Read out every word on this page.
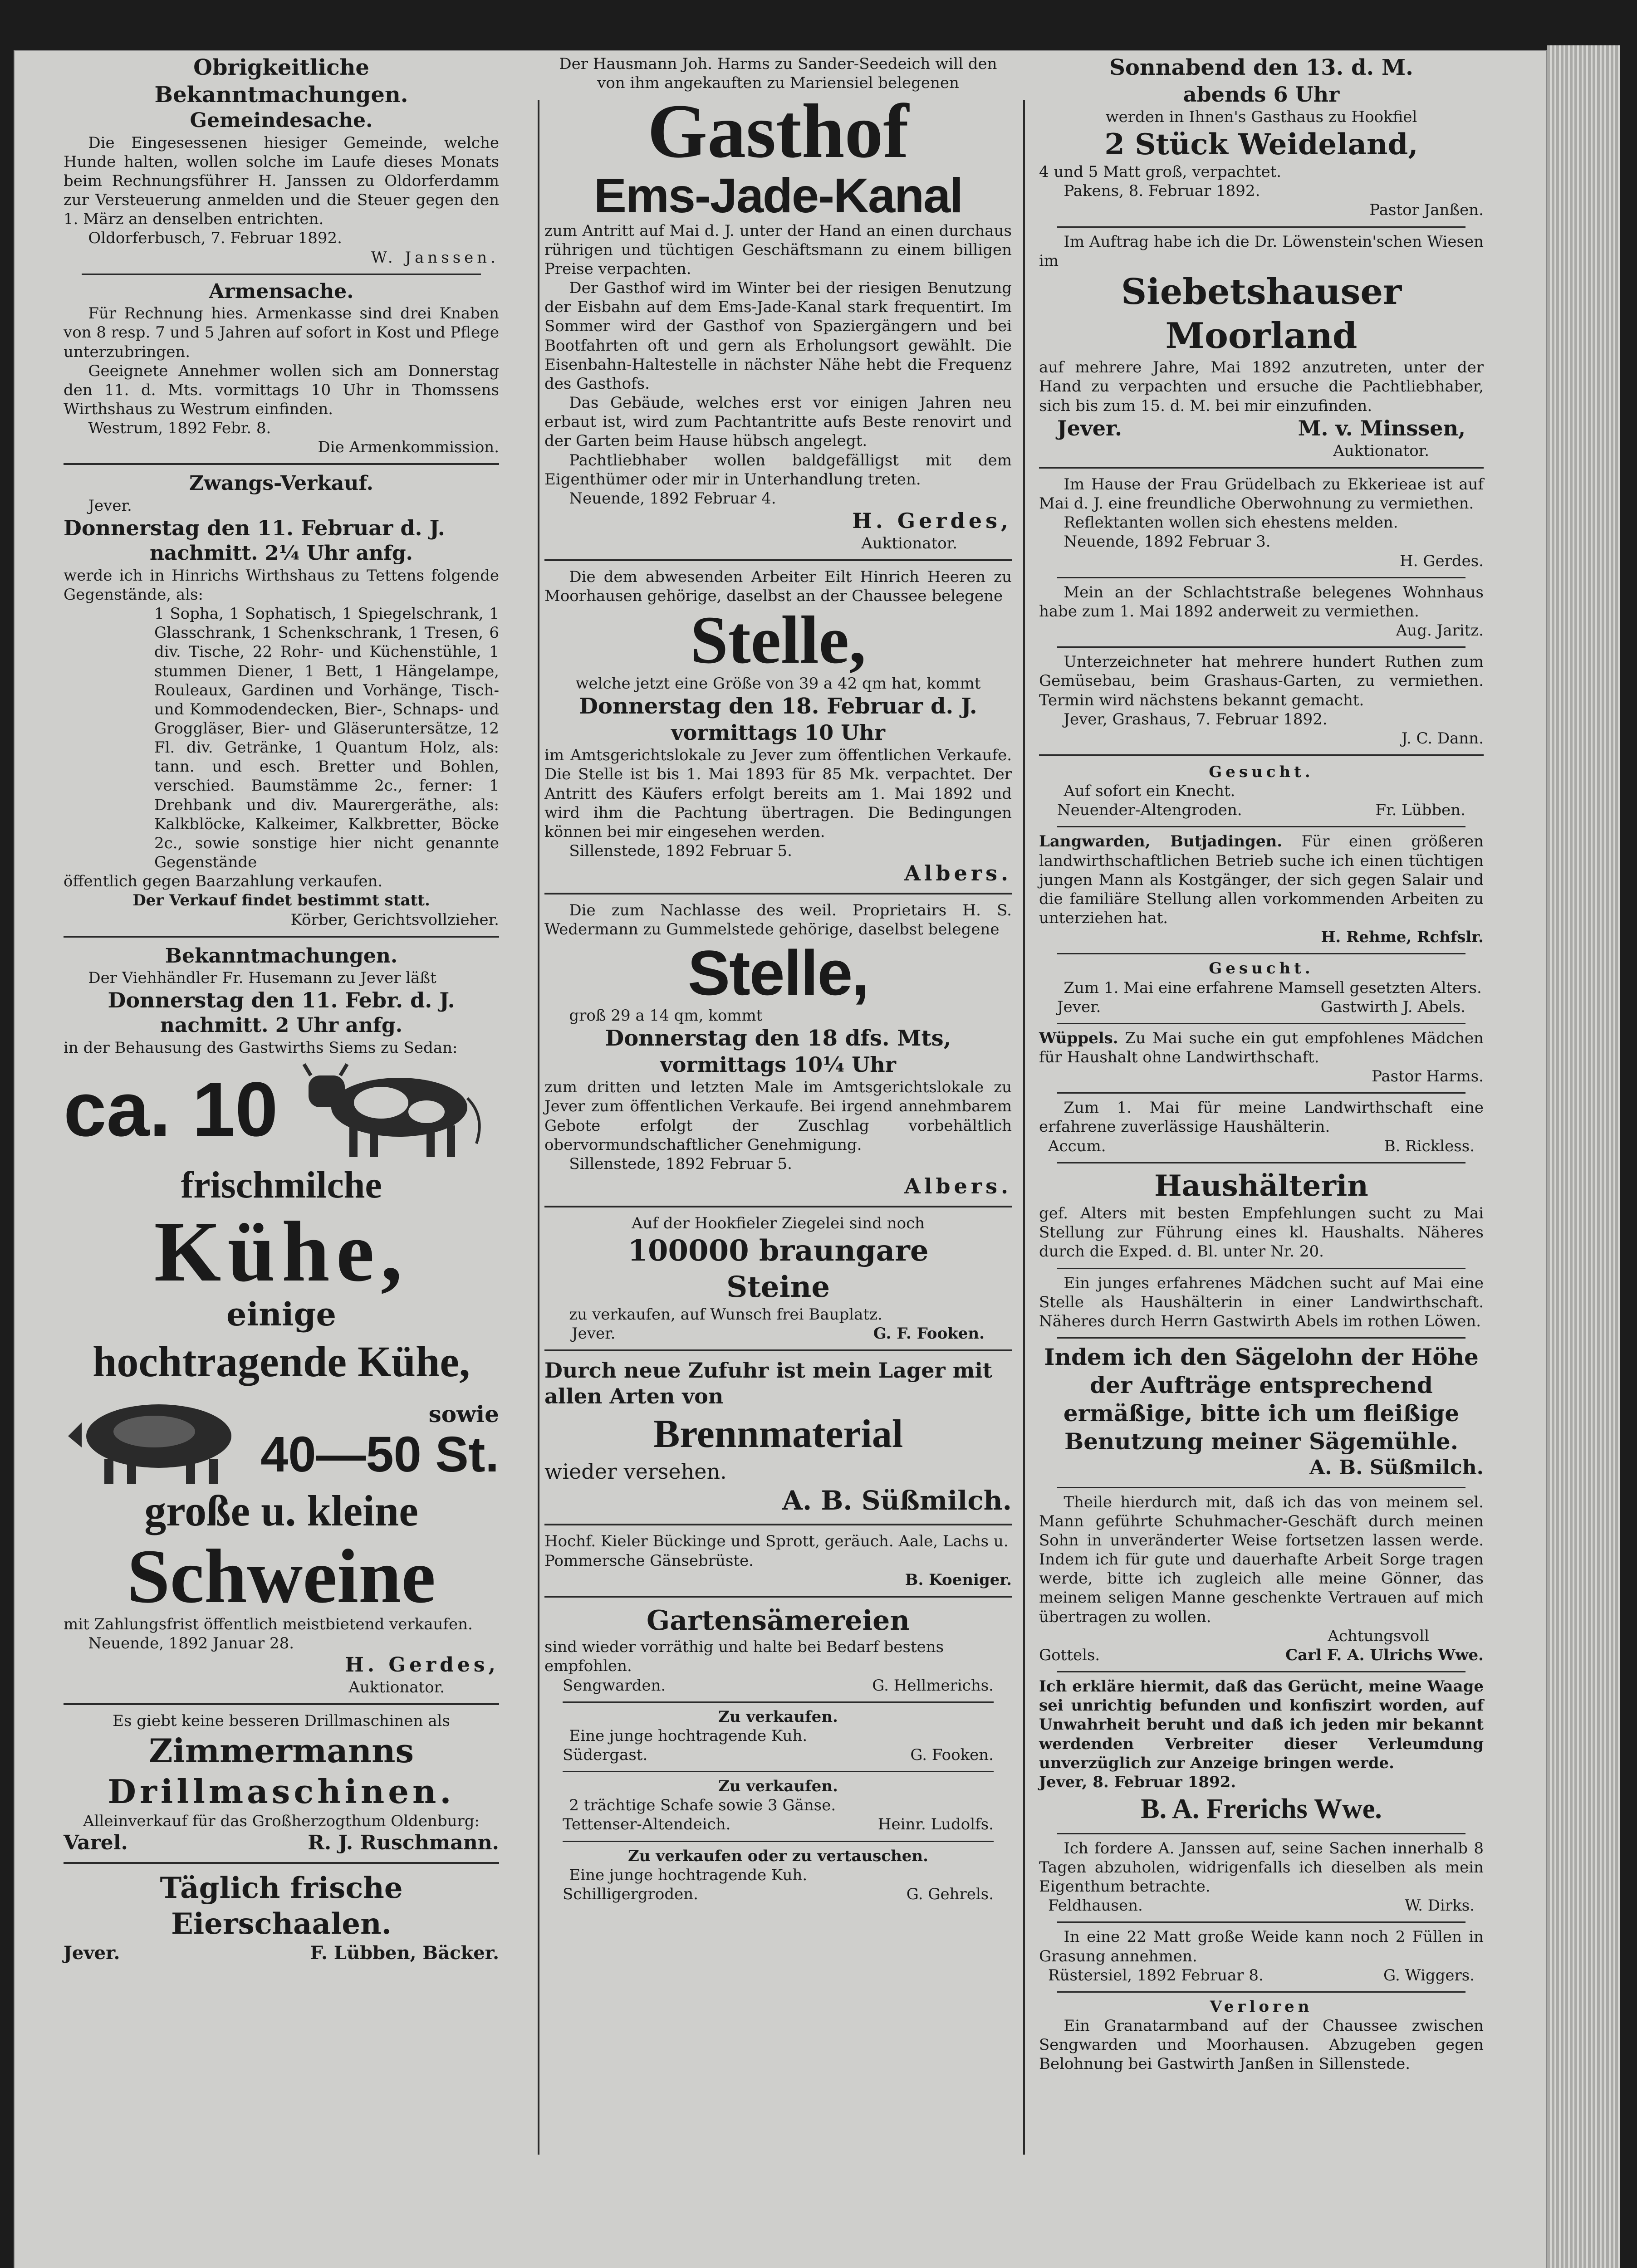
Obrigkeitliche Bekanntmachungen.
Gemeindesache.
Die Eingesessenen hiesiger Gemeinde, welche Hunde halten, wollen solche im Laufe dieses Monats beim Rechnungsführer H. Janssen zu Oldorferdamm zur Versteuerung anmelden und die Steuer gegen den 1. März an denselben entrichten.
Oldorferbusch, 7. Februar 1892.
W. Janssen.
Armensache.
Für Rechnung hies. Armenkasse sind drei Knaben von 8 resp. 7 und 5 Jahren auf sofort in Kost und Pflege unterzubringen.
Geeignete Annehmer wollen sich am Donnerstag den 11. d. Mts. vormittags 10 Uhr in Thomssens Wirthshaus zu Westrum einfinden.
Westrum, 1892 Febr. 8.
Die Armenkommission.
Zwangs-Verkauf.
Jever.
Donnerstag den 11. Februar d. J.
nachmitt. 2¼ Uhr anfg.
werde ich in Hinrichs Wirthshaus zu Tettens folgende Gegenstände, als:
1 Sopha, 1 Sophatisch, 1 Spiegelschrank, 1 Glasschrank, 1 Schenkschrank, 1 Tresen, 6 div. Tische, 22 Rohr- und Küchenstühle, 1 stummen Diener, 1 Bett, 1 Hängelampe, Rouleaux, Gardinen und Vorhänge, Tisch- und Kommodendecken, Bier-, Schnaps- und Groggläser, Bier- und Gläseruntersätze, 12 Fl. div. Getränke, 1 Quantum Holz, als: tann. und esch. Bretter und Bohlen, verschied. Baumstämme 2c., ferner: 1 Drehbank und div. Maurergeräthe, als: Kalkblöcke, Kalkeimer, Kalkbretter, Böcke 2c., sowie sonstige hier nicht genannte Gegenstände
öffentlich gegen Baarzahlung verkaufen.
Der Verkauf findet bestimmt statt.
Körber, Gerichtsvollzieher.
Bekanntmachungen.
Der Viehhändler Fr. Husemann zu Jever läßt
Donnerstag den 11. Febr. d. J.
nachmitt. 2 Uhr anfg.
in der Behausung des Gastwirths Siems zu Sedan:
ca. 10
frischmilche
Kühe,
einige
hochtragende Kühe,
sowie
40—50 St.
große u. kleine
Schweine
mit Zahlungsfrist öffentlich meistbietend verkaufen.
Neuende, 1892 Januar 28.
H. Gerdes,
Auktionator.
Es giebt keine besseren Drillmaschinen als
Zimmermanns
Drillmaschinen.
Alleinverkauf für das Großherzogthum Oldenburg:
Varel.	R. J. Ruschmann.
Täglich frische Eierschaalen.
Jever.	F. Lübben, Bäcker.
Der Hausmann Joh. Harms zu Sander-Seedeich will den von ihm angekauften zu Mariensiel belegenen
Gasthof
Ems-Jade-Kanal
zum Antritt auf Mai d. J. unter der Hand an einen durchaus rührigen und tüchtigen Geschäftsmann zu einem billigen Preise verpachten.
Der Gasthof wird im Winter bei der riesigen Benutzung der Eisbahn auf dem Ems-Jade-Kanal stark frequentirt. Im Sommer wird der Gasthof von Spaziergängern und bei Bootfahrten oft und gern als Erholungsort gewählt. Die Eisenbahn-Haltestelle in nächster Nähe hebt die Frequenz des Gasthofs.
Das Gebäude, welches erst vor einigen Jahren neu erbaut ist, wird zum Pachtantritte aufs Beste renovirt und der Garten beim Hause hübsch angelegt.
Pachtliebhaber wollen baldgefälligst mit dem Eigenthümer oder mir in Unterhandlung treten.
Neuende, 1892 Februar 4.
H. Gerdes,
Auktionator.
Die dem abwesenden Arbeiter Eilt Hinrich Heeren zu Moorhausen gehörige, daselbst an der Chaussee belegene
Stelle,
welche jetzt eine Größe von 39 a 42 qm hat, kommt
Donnerstag den 18. Februar d. J.
vormittags 10 Uhr
im Amtsgerichtslokale zu Jever zum öffentlichen Verkaufe. Die Stelle ist bis 1. Mai 1893 für 85 Mk. verpachtet. Der Antritt des Käufers erfolgt bereits am 1. Mai 1892 und wird ihm die Pachtung übertragen. Die Bedingungen können bei mir eingesehen werden.
Sillenstede, 1892 Februar 5.
Albers.
Die zum Nachlasse des weil. Proprietairs H. S. Wedermann zu Gummelstede gehörige, daselbst belegene
Stelle,
groß 29 a 14 qm, kommt
Donnerstag den 18 dfs. Mts,
vormittags 10¼ Uhr
zum dritten und letzten Male im Amtsgerichtslokale zu Jever zum öffentlichen Verkaufe. Bei irgend annehmbarem Gebote erfolgt der Zuschlag vorbehältlich obervormundschaftlicher Genehmigung.
Sillenstede, 1892 Februar 5.
Albers.
Auf der Hookfieler Ziegelei sind noch
100000 braungare
Steine
zu verkaufen, auf Wunsch frei Bauplatz.
Jever.	G. F. Fooken.
Durch neue Zufuhr ist mein Lager mit allen Arten von
Brennmaterial
wieder versehen.
A. B. Süßmilch.
Hochf. Kieler Bückinge und Sprott, geräuch. Aale, Lachs u. Pommersche Gänsebrüste.
B. Koeniger.
Gartensämereien
sind wieder vorräthig und halte bei Bedarf bestens empfohlen.
Sengwarden.	G. Hellmerichs.
Zu verkaufen.
Eine junge hochtragende Kuh.
Südergast.	G. Fooken.
Zu verkaufen.
2 trächtige Schafe sowie 3 Gänse.
Tettenser-Altendeich.	Heinr. Ludolfs.
Zu verkaufen oder zu vertauschen.
Eine junge hochtragende Kuh.
Schilligergroden.	G. Gehrels.
Sonnabend den 13. d. M.
abends 6 Uhr
werden in Ihnen's Gasthaus zu Hookfiel
2 Stück Weideland,
4 und 5 Matt groß, verpachtet.
Pakens, 8. Februar 1892.
Pastor Janßen.
Im Auftrag habe ich die Dr. Löwenstein'schen Wiesen im
Siebetshauser Moorland
auf mehrere Jahre, Mai 1892 anzutreten, unter der Hand zu verpachten und ersuche die Pachtliebhaber, sich bis zum 15. d. M. bei mir einzufinden.
Jever.	M. v. Minssen,
Auktionator.
Im Hause der Frau Grüdelbach zu Ekkerieae ist auf Mai d. J. eine freundliche Oberwohnung zu vermiethen.
Reflektanten wollen sich ehestens melden.
Neuende, 1892 Februar 3.
H. Gerdes.
Mein an der Schlachtstraße belegenes Wohnhaus habe zum 1. Mai 1892 anderweit zu vermiethen.
Aug. Jaritz.
Unterzeichneter hat mehrere hundert Ruthen zum Gemüsebau, beim Grashaus-Garten, zu vermiethen. Termin wird nächstens bekannt gemacht.
Jever, Grashaus, 7. Februar 1892.
J. C. Dann.
Gesucht.
Auf sofort ein Knecht.
Neuender-Altengroden.	Fr. Lübben.
Langwarden, Butjadingen. Für einen größeren landwirthschaftlichen Betrieb suche ich einen tüchtigen jungen Mann als Kostgänger, der sich gegen Salair und die familiäre Stellung allen vorkommenden Arbeiten zu unterziehen hat.
H. Rehme, Rchfslr.
Gesucht.
Zum 1. Mai eine erfahrene Mamsell gesetzten Alters.
Jever.	Gastwirth J. Abels.
Wüppels. Zu Mai suche ein gut empfohlenes Mädchen für Haushalt ohne Landwirthschaft.
Pastor Harms.
Zum 1. Mai für meine Landwirthschaft eine erfahrene zuverlässige Haushälterin.
Accum.	B. Rickless.
Haushälterin
gef. Alters mit besten Empfehlungen sucht zu Mai Stellung zur Führung eines kl. Haushalts. Näheres durch die Exped. d. Bl. unter Nr. 20.
Ein junges erfahrenes Mädchen sucht auf Mai eine Stelle als Haushälterin in einer Landwirthschaft. Näheres durch Herrn Gastwirth Abels im rothen Löwen.
Indem ich den Sägelohn der Höhe der Aufträge entsprechend ermäßige, bitte ich um fleißige Benutzung meiner Sägemühle.
A. B. Süßmilch.
Theile hierdurch mit, daß ich das von meinem sel. Mann geführte Schuhmacher-Geschäft durch meinen Sohn in unveränderter Weise fortsetzen lassen werde. Indem ich für gute und dauerhafte Arbeit Sorge tragen werde, bitte ich zugleich alle meine Gönner, das meinem seligen Manne geschenkte Vertrauen auf mich übertragen zu wollen.
Achtungsvoll
Gottels.	Carl F. A. Ulrichs Wwe.
Ich erkläre hiermit, daß das Gerücht, meine Waage sei unrichtig befunden und konfiszirt worden, auf Unwahrheit beruht und daß ich jeden mir bekannt werdenden Verbreiter dieser Verleumdung unverzüglich zur Anzeige bringen werde.
Jever, 8. Februar 1892.
B. A. Frerichs Wwe.
Ich fordere A. Janssen auf, seine Sachen innerhalb 8 Tagen abzuholen, widrigenfalls ich dieselben als mein Eigenthum betrachte.
Feldhausen.	W. Dirks.
In eine 22 Matt große Weide kann noch 2 Füllen in Grasung annehmen.
Rüstersiel, 1892 Februar 8.	G. Wiggers.
Verloren
Ein Granatarmband auf der Chaussee zwischen Sengwarden und Moorhausen. Abzugeben gegen Belohnung bei Gastwirth Janßen in Sillenstede.
